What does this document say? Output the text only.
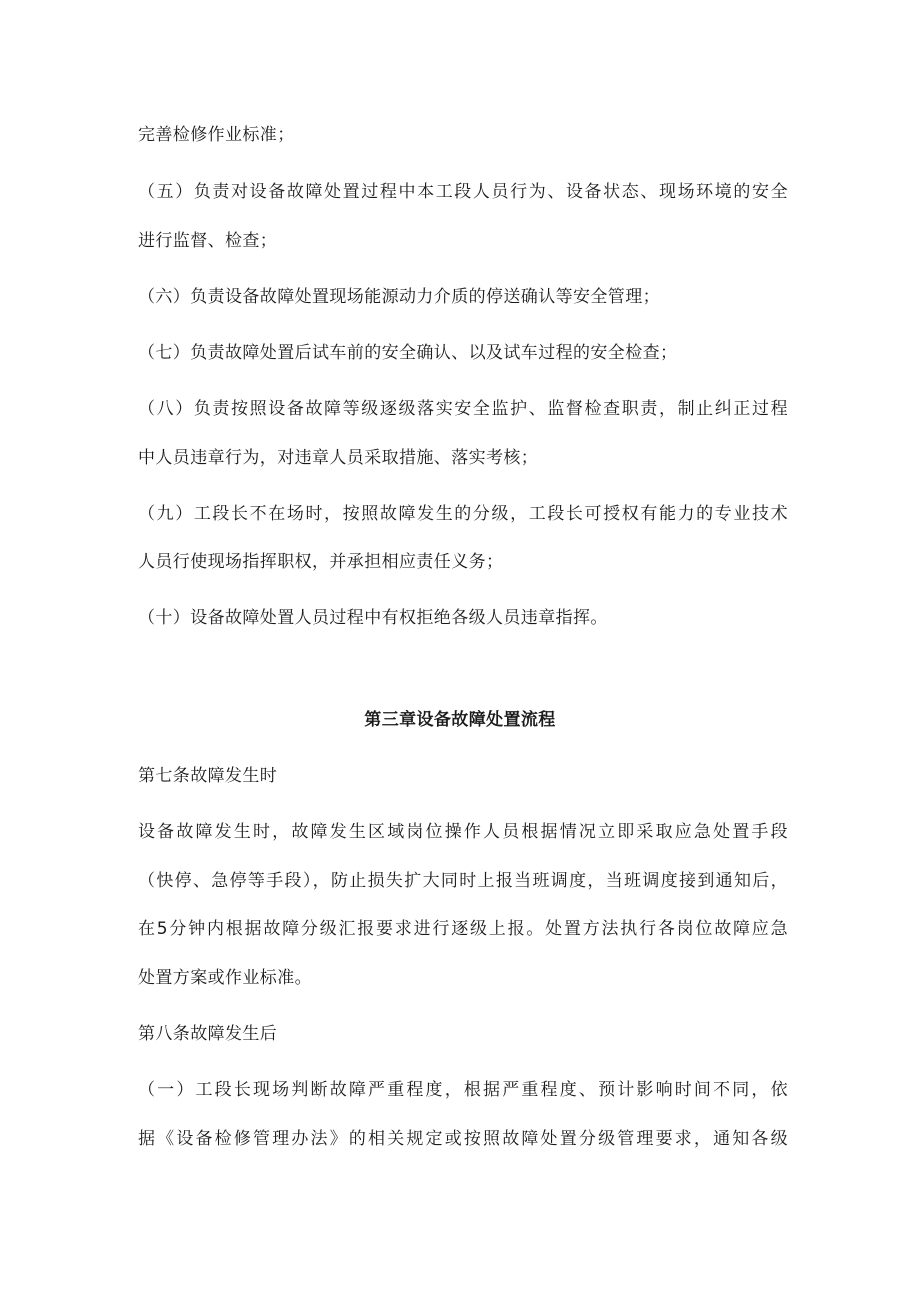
完善检修作业标准；
（五）负责对设备故障处置过程中本工段人员行为、设备状态、现场环境的安全
进行监督、检查；
（六）负责设备故障处置现场能源动力介质的停送确认等安全管理；
（七）负责故障处置后试车前的安全确认、以及试车过程的安全检查；
（八）负责按照设备故障等级逐级落实安全监护、监督检查职责，制止纠正过程
中人员违章行为，对违章人员采取措施、落实考核；
（九）工段长不在场时，按照故障发生的分级，工段长可授权有能力的专业技术
人员行使现场指挥职权，并承担相应责任义务；
（十）设备故障处置人员过程中有权拒绝各级人员违章指挥。
第三章设备故障处置流程
第七条故障发生时
设备故障发生时，故障发生区域岗位操作人员根据情况立即采取应急处置手段
（快停、急停等手段），防止损失扩大同时上报当班调度，当班调度接到通知后，
在5分钟内根据故障分级汇报要求进行逐级上报。处置方法执行各岗位故障应急
处置方案或作业标准。
第八条故障发生后
（一）工段长现场判断故障严重程度，根据严重程度、预计影响时间不同，依
据《设备检修管理办法》的相关规定或按照故障处置分级管理要求，通知各级
